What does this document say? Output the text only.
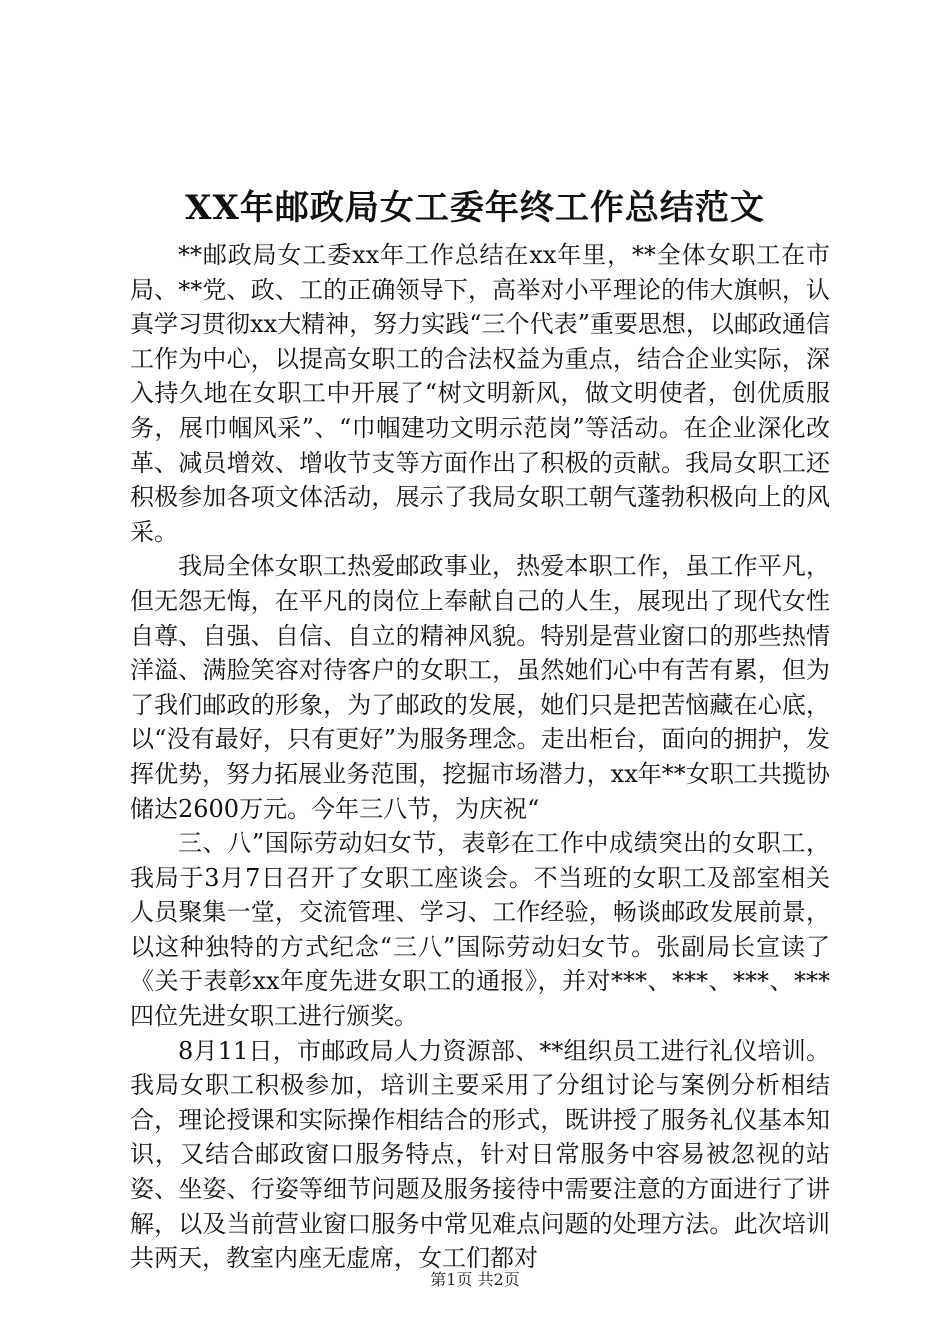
XX年邮政局女工委年终工作总结范文

**邮政局女工委xx年工作总结在xx年里，**全体女职工在市局、**党、政、工的正确领导下，高举对小平理论的伟大旗帜，认真学习贯彻xx大精神，努力实践“三个代表”重要思想，以邮政通信工作为中心，以提高女职工的合法权益为重点，结合企业实际，深入持久地在女职工中开展了“树文明新风，做文明使者，创优质服务，展巾帼风采”、“巾帼建功文明示范岗”等活动。在企业深化改革、减员增效、增收节支等方面作出了积极的贡献。我局女职工还积极参加各项文体活动，展示了我局女职工朝气蓬勃积极向上的风采。

我局全体女职工热爱邮政事业，热爱本职工作，虽工作平凡，但无怨无悔，在平凡的岗位上奉献自己的人生，展现出了现代女性自尊、自强、自信、自立的精神风貌。特别是营业窗口的那些热情洋溢、满脸笑容对待客户的女职工，虽然她们心中有苦有累，但为了我们邮政的形象，为了邮政的发展，她们只是把苦恼藏在心底，以“没有最好，只有更好”为服务理念。走出柜台，面向的拥护，发挥优势，努力拓展业务范围，挖掘市场潜力，xx年**女职工共揽协储达2600万元。今年三八节，为庆祝“

三、八”国际劳动妇女节，表彰在工作中成绩突出的女职工，我局于3月7日召开了女职工座谈会。不当班的女职工及部室相关人员聚集一堂，交流管理、学习、工作经验，畅谈邮政发展前景，以这种独特的方式纪念“三八”国际劳动妇女节。张副局长宣读了《关于表彰xx年度先进女职工的通报》，并对***、***、***、***四位先进女职工进行颁奖。

8月11日，市邮政局人力资源部、**组织员工进行礼仪培训。我局女职工积极参加，培训主要采用了分组讨论与案例分析相结合，理论授课和实际操作相结合的形式，既讲授了服务礼仪基本知识，又结合邮政窗口服务特点，针对日常服务中容易被忽视的站姿、坐姿、行姿等细节问题及服务接待中需要注意的方面进行了讲解，以及当前营业窗口服务中常见难点问题的处理方法。此次培训共两天，教室内座无虚席，女工们都对

第1页 共2页
